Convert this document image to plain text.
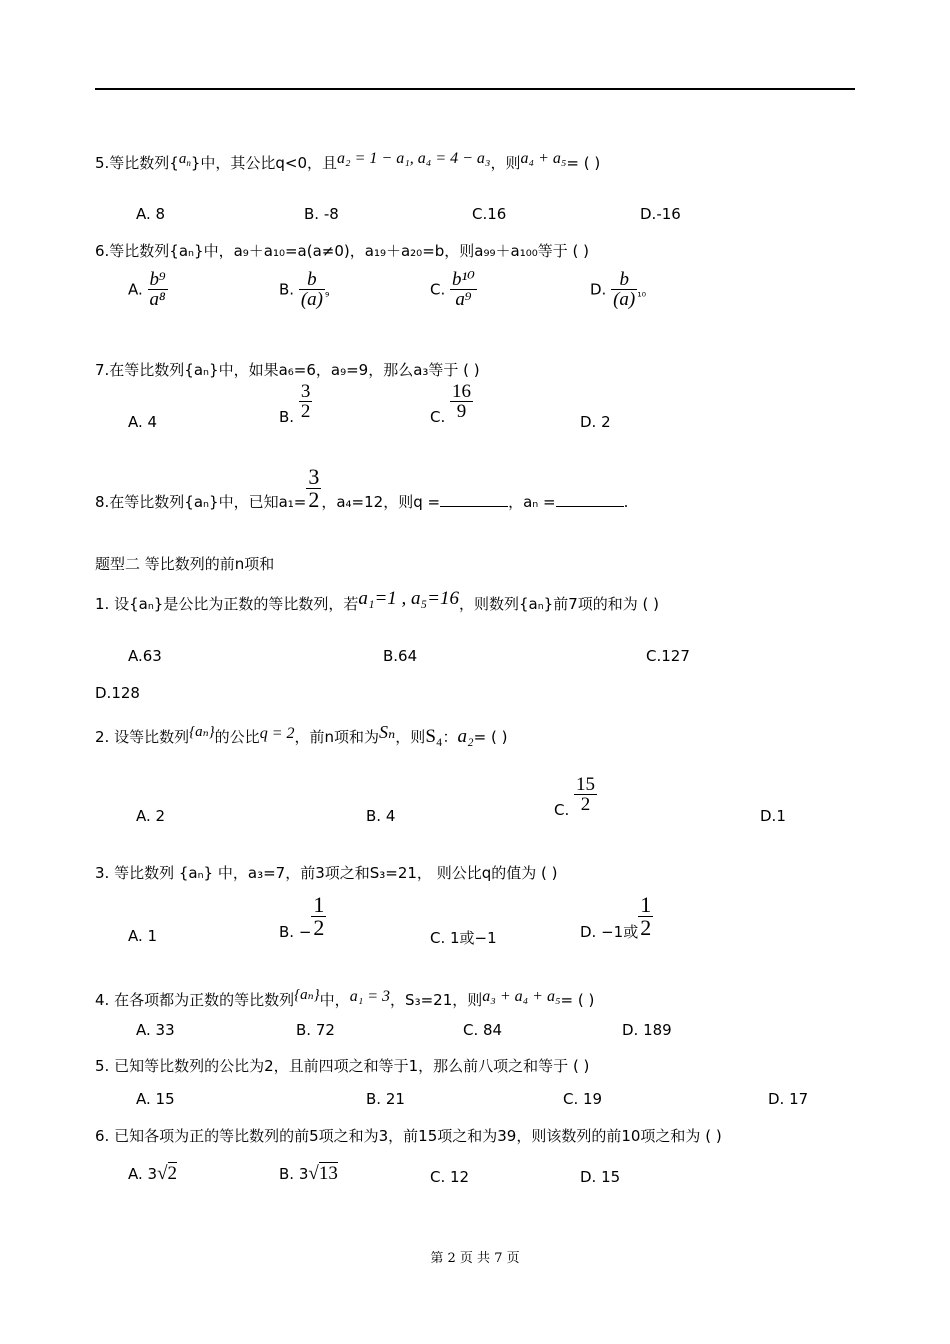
5.等比数列$\{a_n\}$中，其公比q<0，且a₂ = 1 − a₁, a₄ = 4 − a₃，则a₄ + a₅= ( )
A. 8	B. -8	C.16	D.-16
6.等比数列{aₙ}中，a₉＋a₁₀=a(a≠0)，a₁₉＋a₂₀=b，则a₉₉＋a₁₀₀等于 ( )
A. $\frac{\text{b⁹}}{\text{a⁸}}$	B. $\frac{b}{(a)} _{^9}$	C. $\frac{\text{b¹⁰}}{\text{a⁹}}$	D. $\frac{b}{(a)} _{^{10}}$
7.在等比数列{aₙ}中，如果a₆=6，a₉=9，那么a₃等于 ( )
A. 4	B. $\frac{3}{2}$	C. $\frac{16}{9}$
D. 2
8.在等比数列{aₙ}中，已知$a_1= \frac{3}{2}$ ，a₄=12，则q =	，aₙ =	.
题型二 等比数列的前n项和
1. 设{aₙ}是公比为正数的等比数列，若a₁=1 , a₅=16，则数列{aₙ}前7项的和为 ( )
A.63	B.64	C.127
D.128
2. 设等比数列{aₙ}的公比q = 2，前n项和为Sₙ，则S₄：a₂= ( )
A. 2	B. 4	C. $\frac{15}{2}$
D.1
3. 等比数列 {aₙ} 中，a₃=7，前3项之和S₃=21， 则公比q的值为 ( )
A. 1	B. − $\frac{1}{2}$	C. 1或−1	D. −1或 $\frac{1}{2}$
4. 在各项都为正数的等比数列{aₙ}中，a₁ = 3，S₃=21，则a₃ + a₄ + a₅= ( )
A. 33	B. 72	C. 84	D. 189
5. 已知等比数列的公比为2，且前四项之和等于1，那么前八项之和等于 ( )
A. 15	B. 21	C. 19	D. 17
6. 已知各项为正的等比数列的前5项之和为3，前15项之和为39，则该数列的前10项之和为 ( )
A. 3√2	B. 3√13	C. 12	D. 15
第 2 页 共 7 页
